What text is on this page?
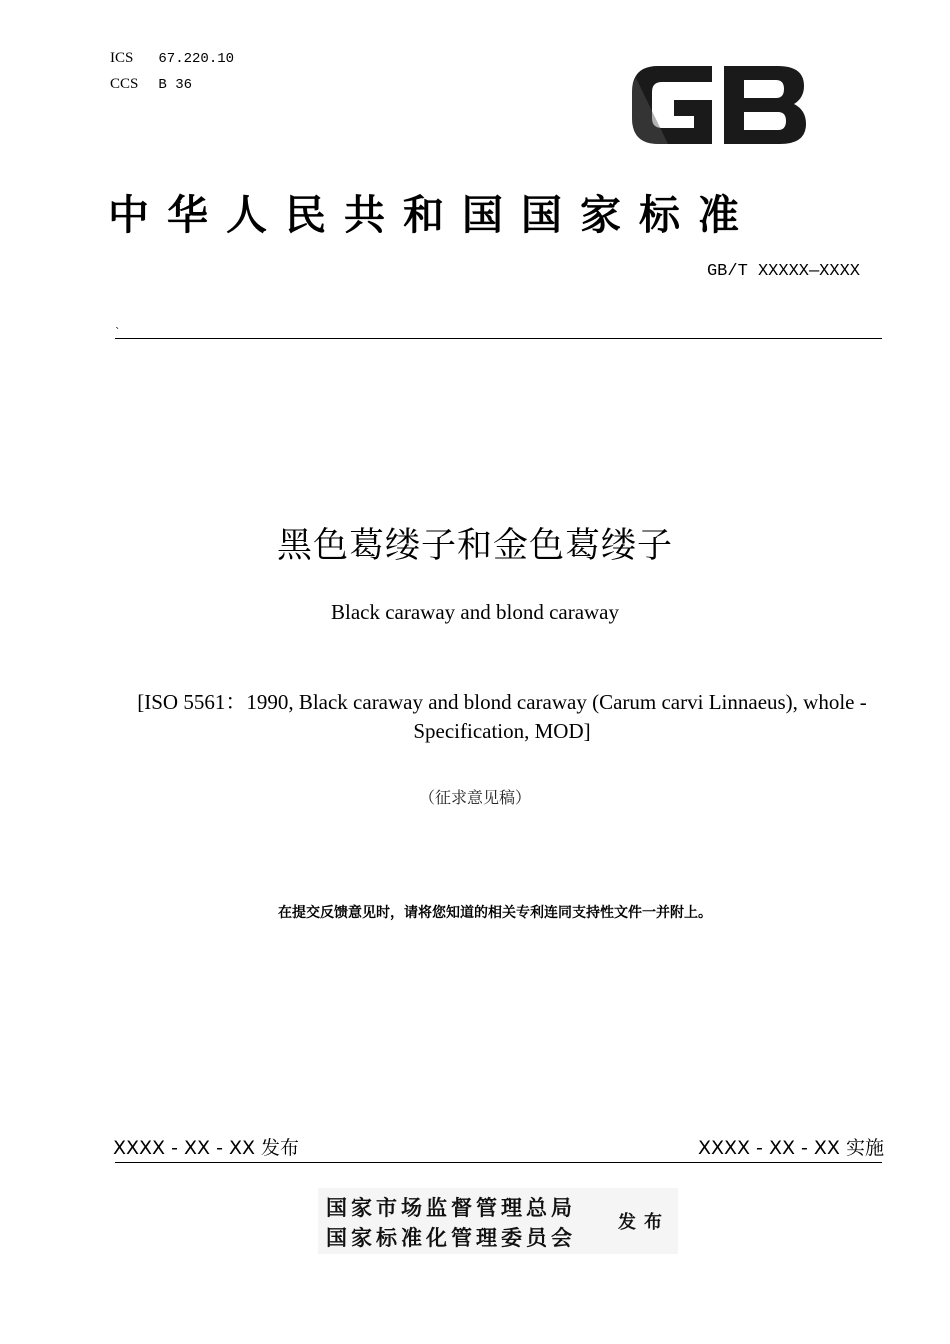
ICS 67.220.10
CCS B 36
中华人民共和国国家标准
GB/T XXXXX—XXXX
`
黑色葛缕子和金色葛缕子
Black caraway and blond caraway
[ISO 5561：1990, Black caraway and blond caraway (Carum carvi Linnaeus), whole -
Specification, MOD]
（征求意见稿）
在提交反馈意见时，请将您知道的相关专利连同支持性文件一并附上。
XXXX - XX - XX 发布	XXXX - XX - XX 实施
国家市场监督管理总局
国家标准化管理委员会
发布
